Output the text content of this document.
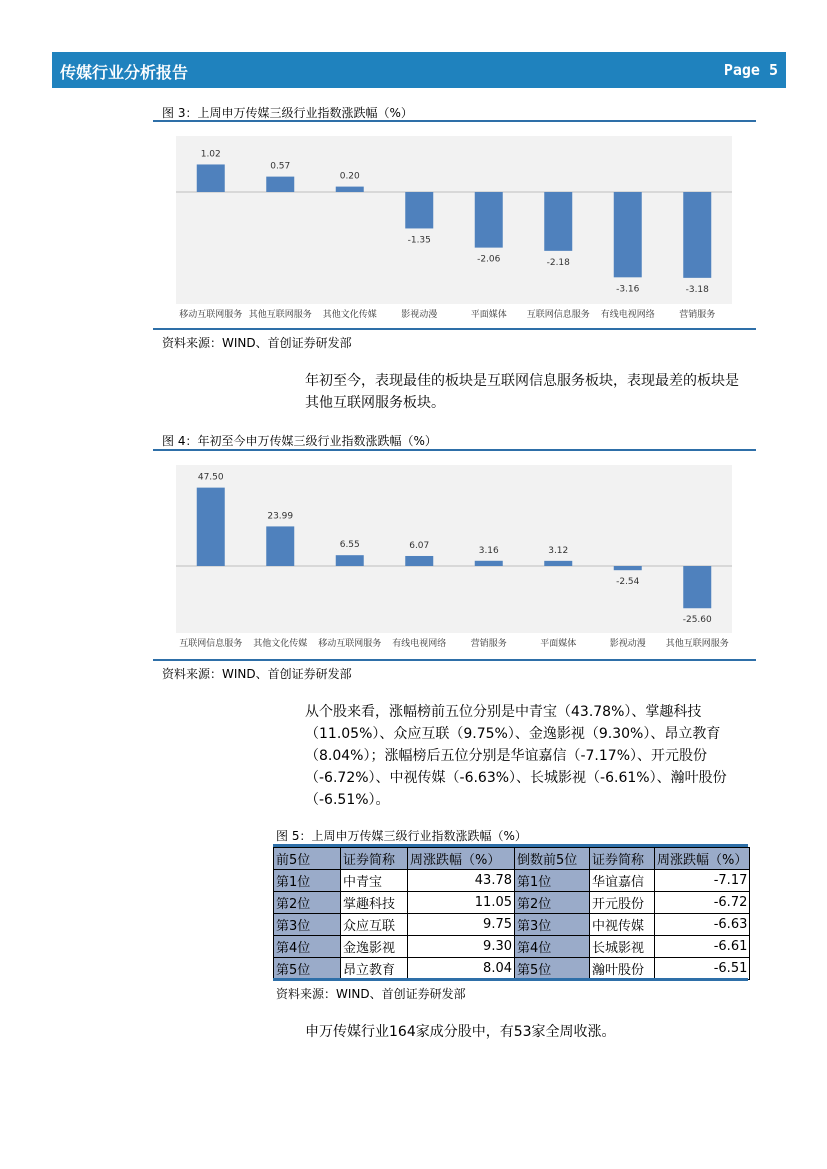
传媒行业分析报告	Page 5
图 3：上周申万传媒三级行业指数涨跌幅（%）
1.02
移动互联网服务
0.57
其他互联网服务
0.20
其他文化传媒
-1.35
影视动漫
-2.06
平面媒体
-2.18
互联网信息服务
-3.16
有线电视网络
-3.18
营销服务
资料来源：WIND、首创证券研发部
年初至今，表现最佳的板块是互联网信息服务板块，表现最差的板块是其他互联网服务板块。
图 4：年初至今申万传媒三级行业指数涨跌幅（%）
47.50
互联网信息服务
23.99
其他文化传媒
6.55
移动互联网服务
6.07
有线电视网络
3.16
营销服务
3.12
平面媒体
-2.54
影视动漫
-25.60
其他互联网服务
资料来源：WIND、首创证券研发部
从个股来看，涨幅榜前五位分别是中青宝（43.78%）、掌趣科技（11.05%）、众应互联（9.75%）、金逸影视（9.30%）、昂立教育（8.04%）；涨幅榜后五位分别是华谊嘉信（-7.17%）、开元股份（-6.72%）、中视传媒（-6.63%）、长城影视（-6.61%）、瀚叶股份（-6.51%）。
图 5：上周申万传媒三级行业指数涨跌幅（%）
前5位	证券简称	周涨跌幅（%）	倒数前5位	证券简称	周涨跌幅（%）
第1位	中青宝	43.78	第1位	华谊嘉信	-7.17
第2位	掌趣科技	11.05	第2位	开元股份	-6.72
第3位	众应互联	9.75	第3位	中视传媒	-6.63
第4位	金逸影视	9.30	第4位	长城影视	-6.61
第5位	昂立教育	8.04	第5位	瀚叶股份	-6.51
资料来源：WIND、首创证券研发部
申万传媒行业164家成分股中，有53家全周收涨。
